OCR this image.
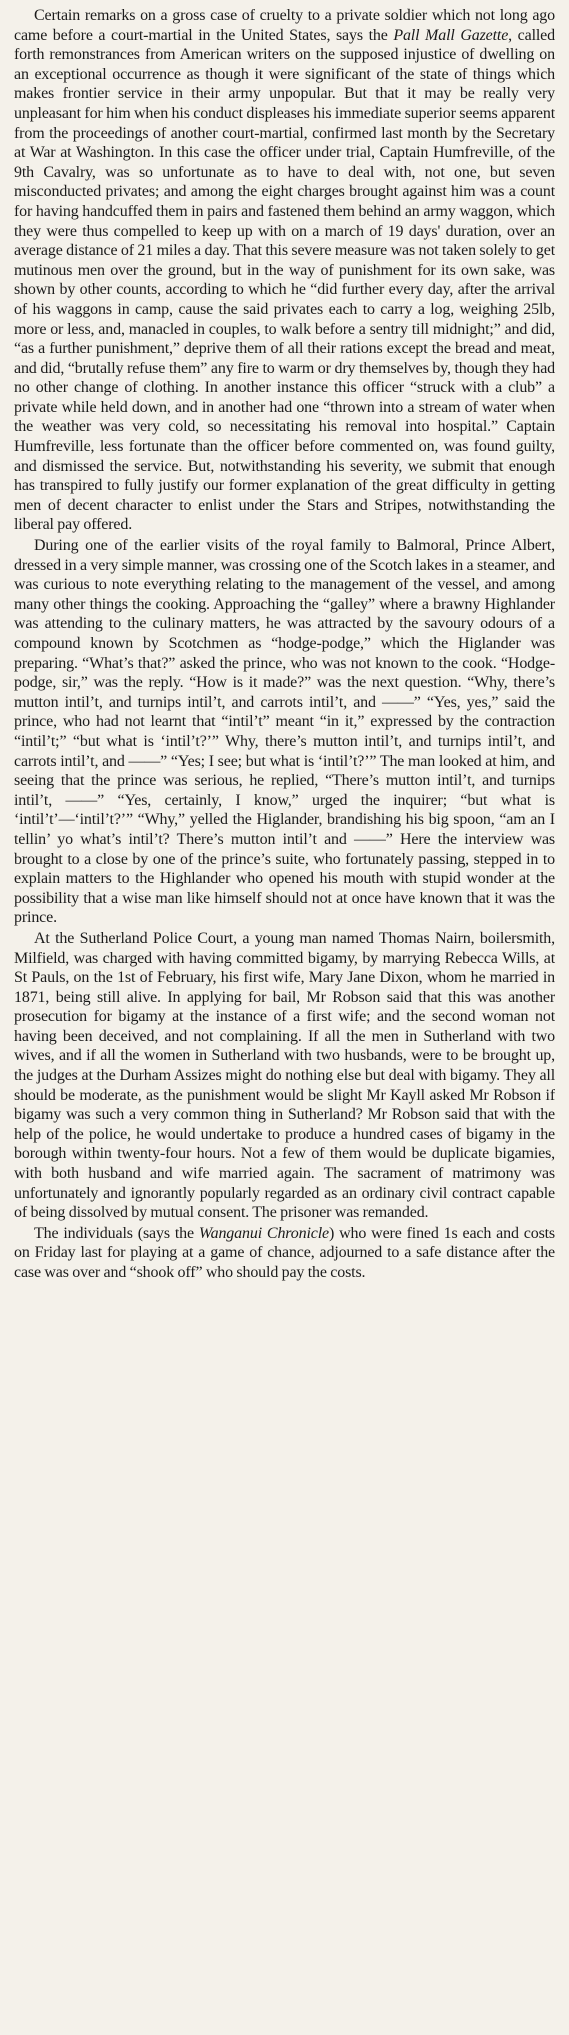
Certain remarks on a gross case of cruelty to a private soldier which not long ago came before a court-martial in the United States, says the Pall Mall Gazette, called forth remonstrances from American writers on the supposed injustice of dwelling on an exceptional occurrence as though it were significant of the state of things which makes frontier service in their army unpopular. But that it may be really very unpleasant for him when his conduct displeases his immediate superior seems apparent from the proceedings of another court-martial, confirmed last month by the Secretary at War at Washington. In this case the officer under trial, Captain Humfreville, of the 9th Cavalry, was so unfortunate as to have to deal with, not one, but seven misconducted privates; and among the eight charges brought against him was a count for having handcuffed them in pairs and fastened them behind an army waggon, which they were thus compelled to keep up with on a march of 19 days' duration, over an average distance of 21 miles a day. That this severe measure was not taken solely to get mutinous men over the ground, but in the way of punishment for its own sake, was shown by other counts, according to which he “did further every day, after the arrival of his waggons in camp, cause the said privates each to carry a log, weighing 25lb, more or less, and, manacled in couples, to walk before a sentry till midnight;” and did, “as a further punishment,” deprive them of all their rations except the bread and meat, and did, “brutally refuse them” any fire to warm or dry themselves by, though they had no other change of clothing. In another instance this officer “struck with a club” a private while held down, and in another had one “thrown into a stream of water when the weather was very cold, so necessitating his removal into hospital.” Captain Humfreville, less fortunate than the officer before commented on, was found guilty, and dismissed the service. But, notwithstanding his severity, we submit that enough has transpired to fully justify our former explanation of the great difficulty in getting men of decent character to enlist under the Stars and Stripes, notwithstanding the liberal pay offered.

During one of the earlier visits of the royal family to Balmoral, Prince Albert, dressed in a very simple manner, was crossing one of the Scotch lakes in a steamer, and was curious to note everything relating to the management of the vessel, and among many other things the cooking. Approaching the “galley” where a brawny Highlander was attending to the culinary matters, he was attracted by the savoury odours of a compound known by Scotchmen as “hodge-podge,” which the Higlander was preparing. “What’s that?” asked the prince, who was not known to the cook. “Hodge-podge, sir,” was the reply. “How is it made?” was the next question. “Why, there’s mutton intil’t, and turnips intil’t, and carrots intil’t, and ——” “Yes, yes,” said the prince, who had not learnt that “intil’t” meant “in it,” expressed by the contraction “intil’t;” “but what is ‘intil’t?’” Why, there’s mutton intil’t, and turnips intil’t, and carrots intil’t, and ——” “Yes; I see; but what is ‘intil’t?’” The man looked at him, and seeing that the prince was serious, he replied, “There’s mutton intil’t, and turnips intil’t, ——” “Yes, certainly, I know,” urged the inquirer; “but what is ‘intil’t’—‘intil’t?’” “Why,” yelled the Higlander, brandishing his big spoon, “am an I tellin’ yo what’s intil’t? There’s mutton intil’t and ——” Here the interview was brought to a close by one of the prince’s suite, who fortunately passing, stepped in to explain matters to the Highlander who opened his mouth with stupid wonder at the possibility that a wise man like himself should not at once have known that it was the prince.

At the Sutherland Police Court, a young man named Thomas Nairn, boilersmith, Milfield, was charged with having committed bigamy, by marrying Rebecca Wills, at St Pauls, on the 1st of February, his first wife, Mary Jane Dixon, whom he married in 1871, being still alive. In applying for bail, Mr Robson said that this was another prosecution for bigamy at the instance of a first wife; and the second woman not having been deceived, and not complaining. If all the men in Sutherland with two wives, and if all the women in Sutherland with two husbands, were to be brought up, the judges at the Durham Assizes might do nothing else but deal with bigamy. They all should be moderate, as the punishment would be slight Mr Kayll asked Mr Robson if bigamy was such a very common thing in Sutherland? Mr Robson said that with the help of the police, he would undertake to produce a hundred cases of bigamy in the borough within twenty-four hours. Not a few of them would be duplicate bigamies, with both husband and wife married again. The sacrament of matrimony was unfortunately and ignorantly popularly regarded as an ordinary civil contract capable of being dissolved by mutual consent. The prisoner was remanded.

The individuals (says the Wanganui Chronicle) who were fined 1s each and costs on Friday last for playing at a game of chance, adjourned to a safe distance after the case was over and “shook off” who should pay the costs.
